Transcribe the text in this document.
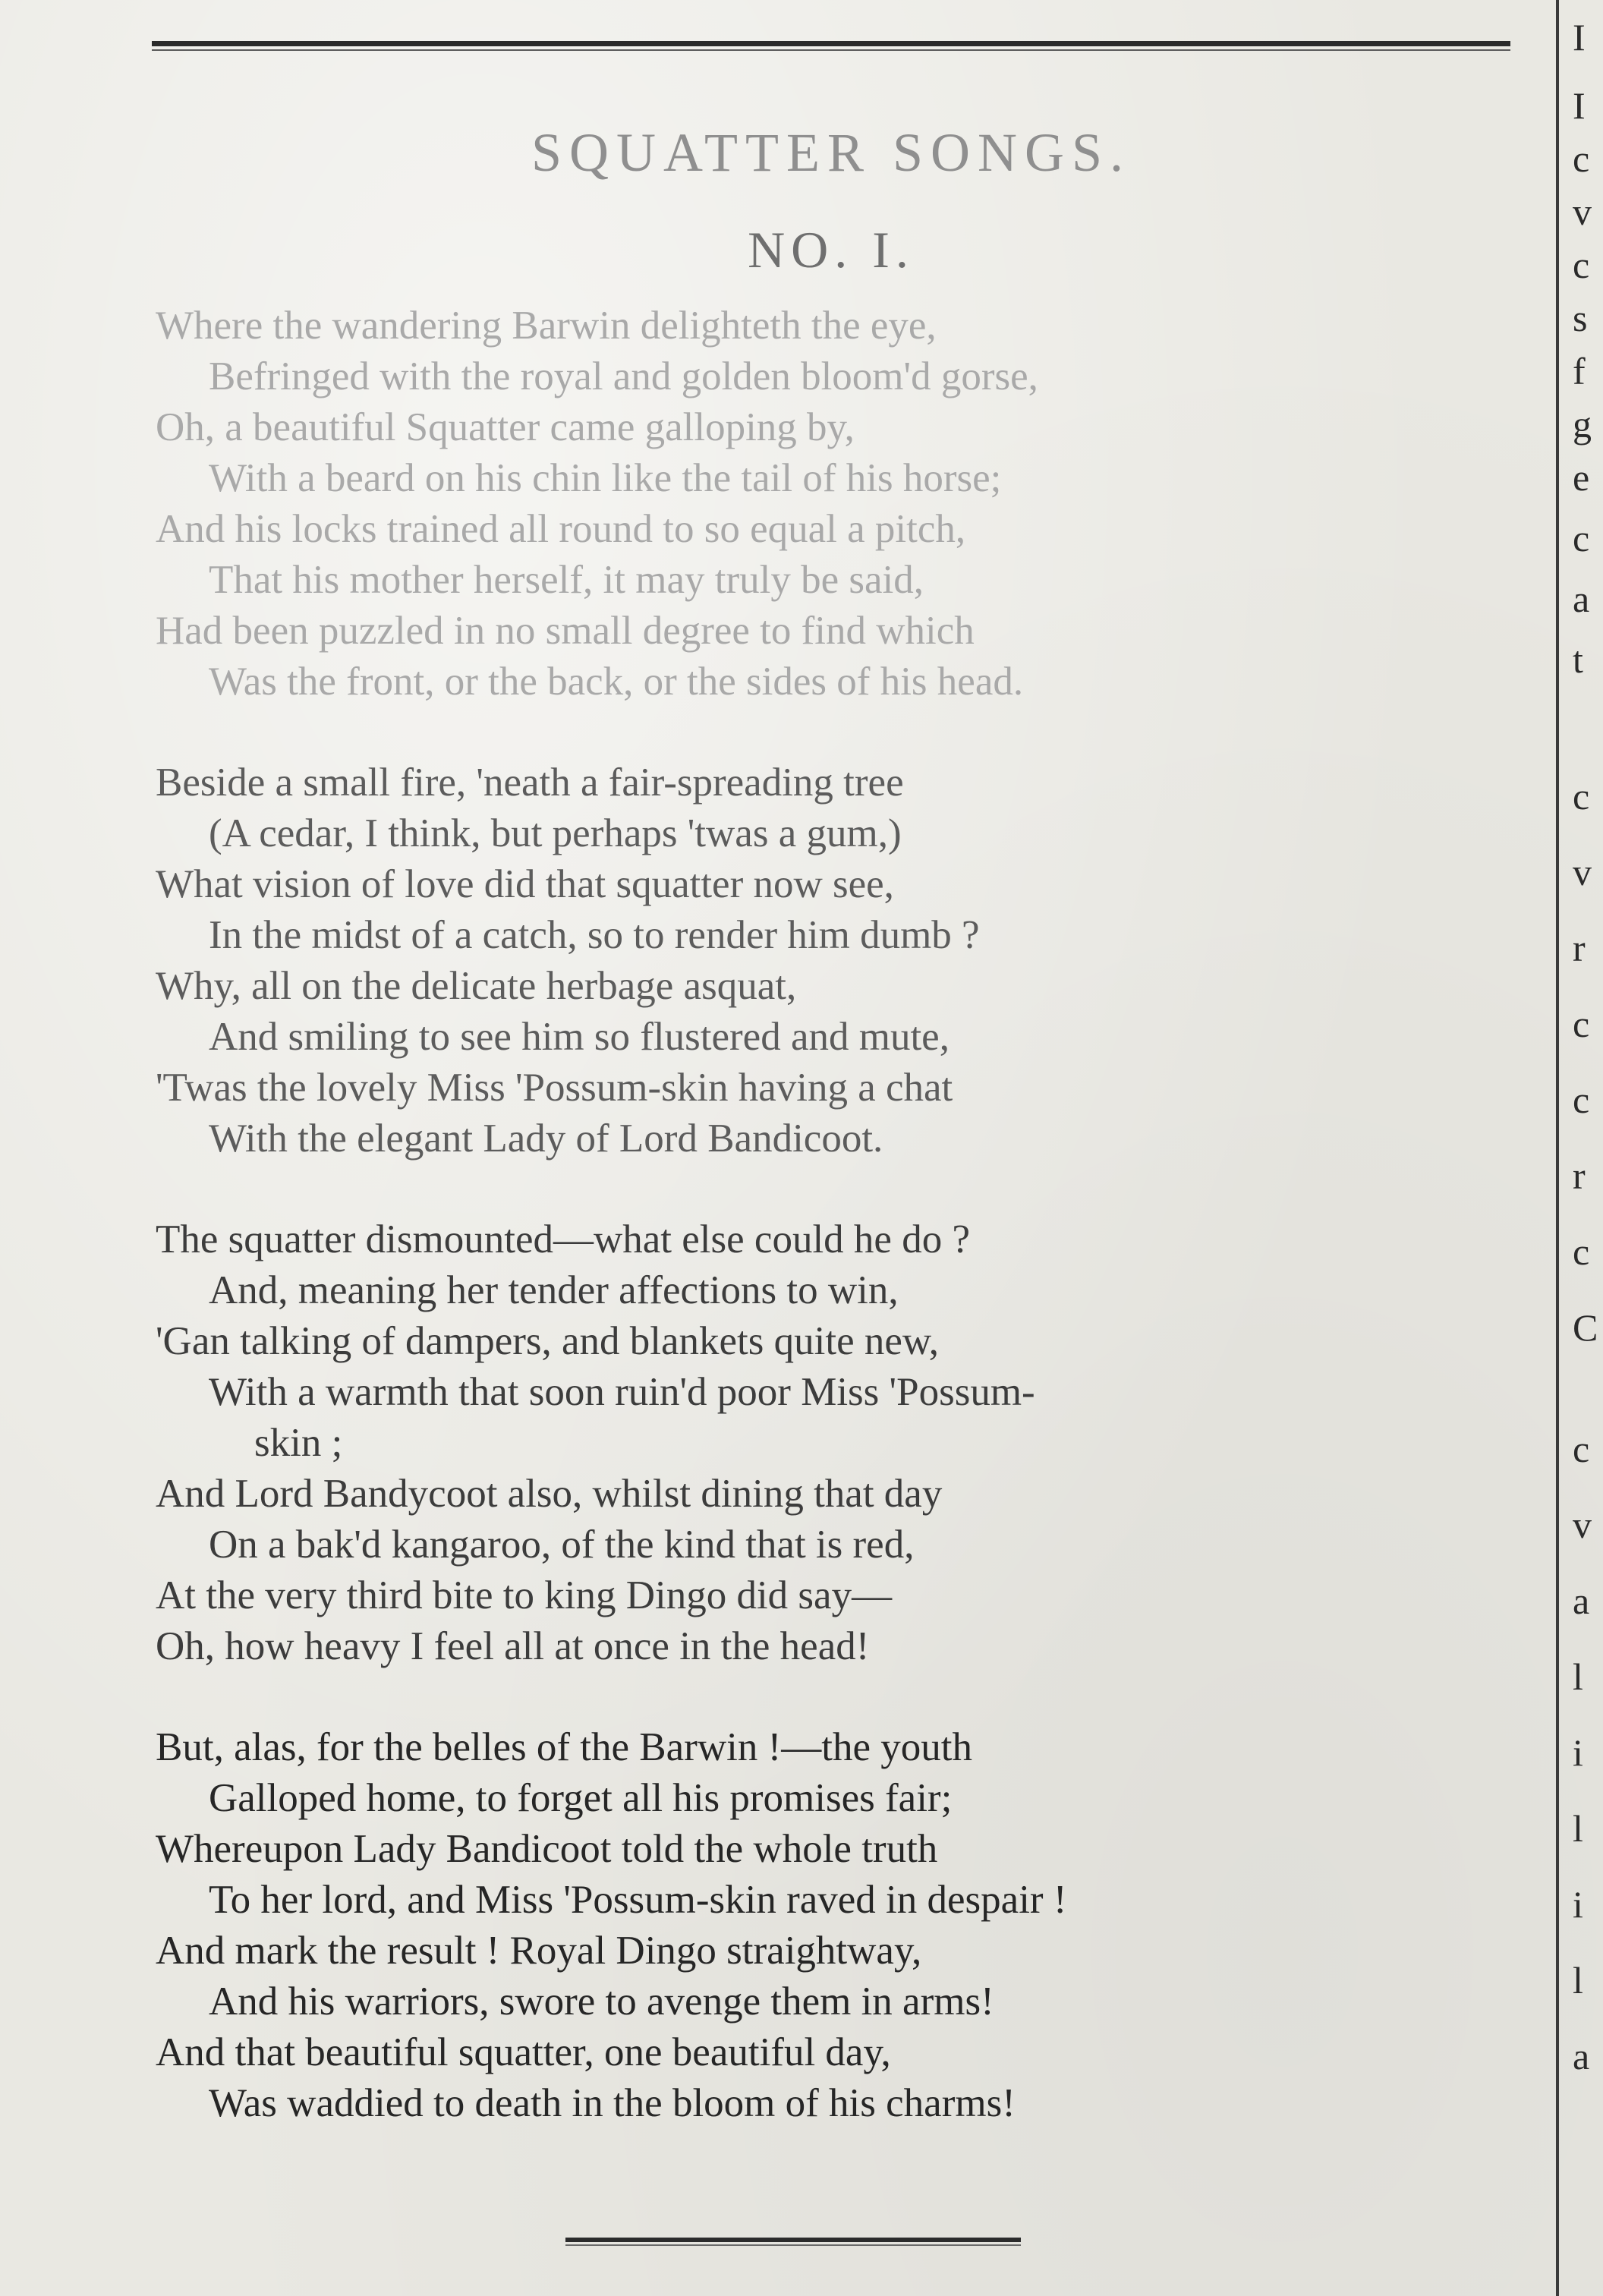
SQUATTER SONGS.
NO. I.
Where the wandering Barwin delighteth the eye,
Befringed with the royal and golden bloom'd gorse,
Oh, a beautiful Squatter came galloping by,
With a beard on his chin like the tail of his horse;
And his locks trained all round to so equal a pitch,
That his mother herself, it may truly be said,
Had been puzzled in no small degree to find which
Was the front, or the back, or the sides of his head.
Beside a small fire, 'neath a fair-spreading tree
(A cedar, I think, but perhaps 'twas a gum,)
What vision of love did that squatter now see,
In the midst of a catch, so to render him dumb ?
Why, all on the delicate herbage asquat,
And smiling to see him so flustered and mute,
'Twas the lovely Miss 'Possum-skin having a chat
With the elegant Lady of Lord Bandicoot.
The squatter dismounted—what else could he do ?
And, meaning her tender affections to win,
'Gan talking of dampers, and blankets quite new,
With a warmth that soon ruin'd poor Miss 'Possum-
skin ;
And Lord Bandycoot also, whilst dining that day
On a bak'd kangaroo, of the kind that is red,
At the very third bite to king Dingo did say—
Oh, how heavy I feel all at once in the head!
But, alas, for the belles of the Barwin !—the youth
Galloped home, to forget all his promises fair;
Whereupon Lady Bandicoot told the whole truth
To her lord, and Miss 'Possum-skin raved in despair !
And mark the result ! Royal Dingo straightway,
And his warriors, swore to avenge them in arms!
And that beautiful squatter, one beautiful day,
Was waddied to death in the bloom of his charms!
I
I
c
v
c
s
f
g
e
c
a
t
c
v
r
c
c
r
c
C
c
v
a
l
i
l
i
l
a
